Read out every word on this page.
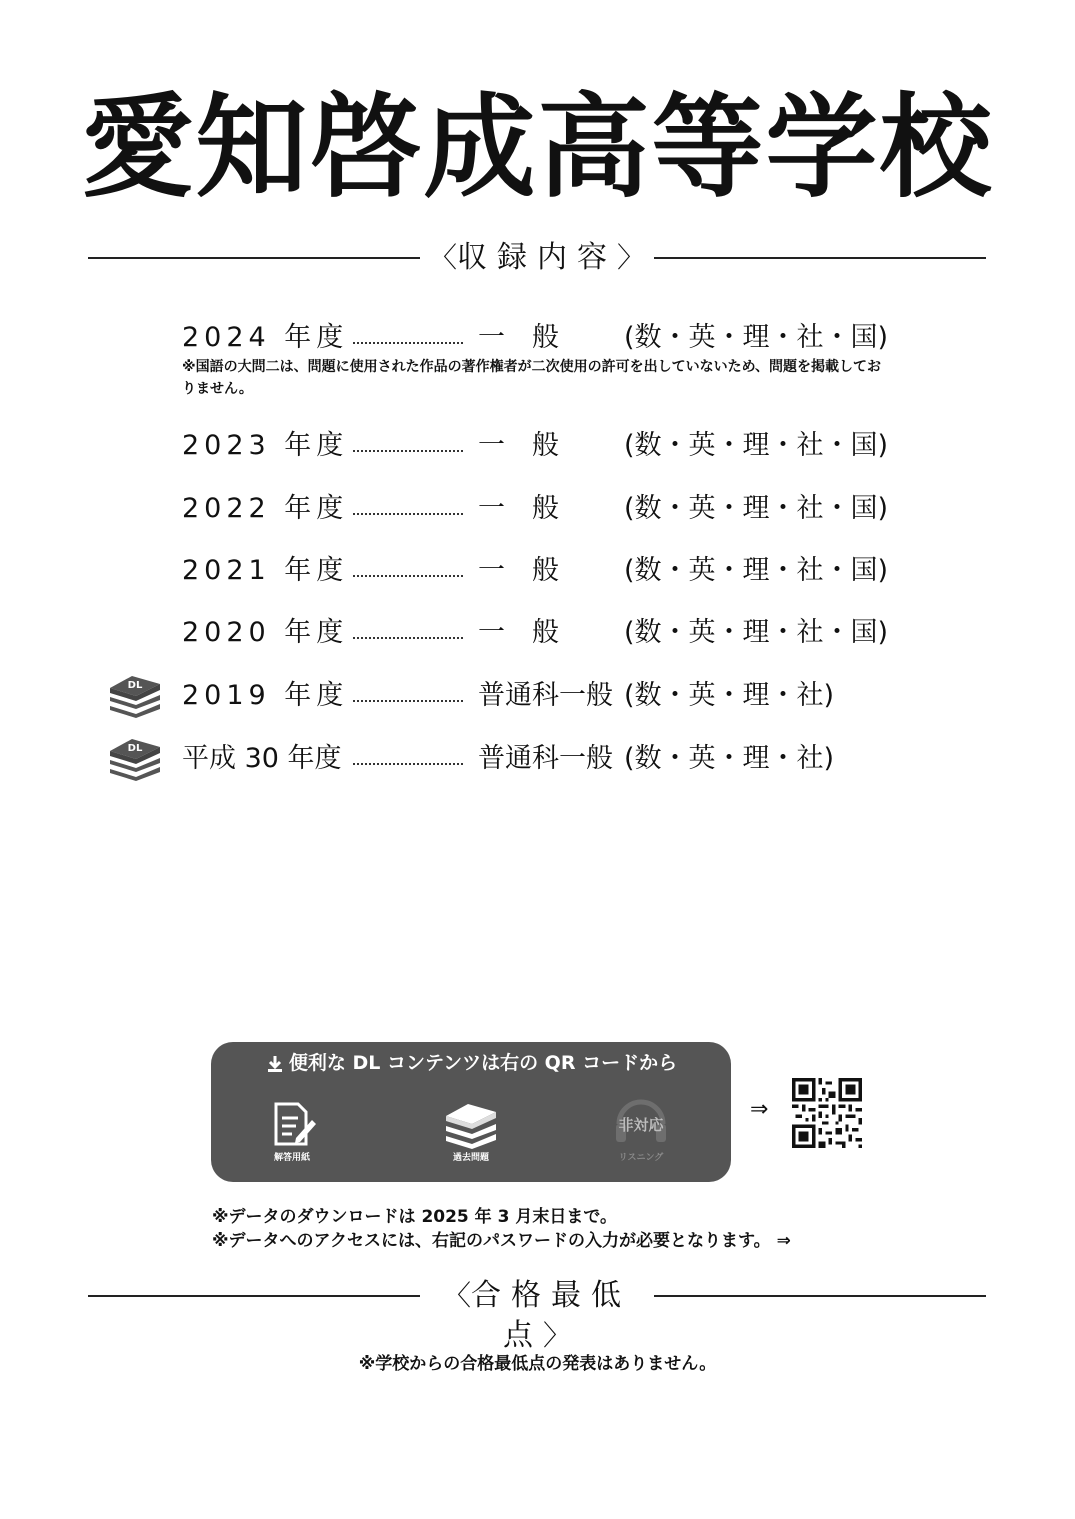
愛知啓成高等学校
〈収録内容〉
2024 年度	一　般 (数・英・理・社・国)
※国語の大問二は、問題に使用された作品の著作権者が二次使用の許可を出していないため、問題を掲載しておりません。
2023 年度	一　般 (数・英・理・社・国)
2022 年度	一　般 (数・英・理・社・国)
2021 年度	一　般 (数・英・理・社・国)
2020 年度	一　般 (数・英・理・社・国)
DL 2019 年度	普通科一般 (数・英・理・社)
DL 平成 30 年度	普通科一般 (数・英・理・社)
便利な DL コンテンツは右の QR コードから
解答用紙	過去問題
非対応
リスニング
⇒
※データのダウンロードは 2025 年 3 月末日まで。
※データへのアクセスには、右記のパスワードの入力が必要となります。 ⇒
〈合格最低点〉
※学校からの合格最低点の発表はありません。
